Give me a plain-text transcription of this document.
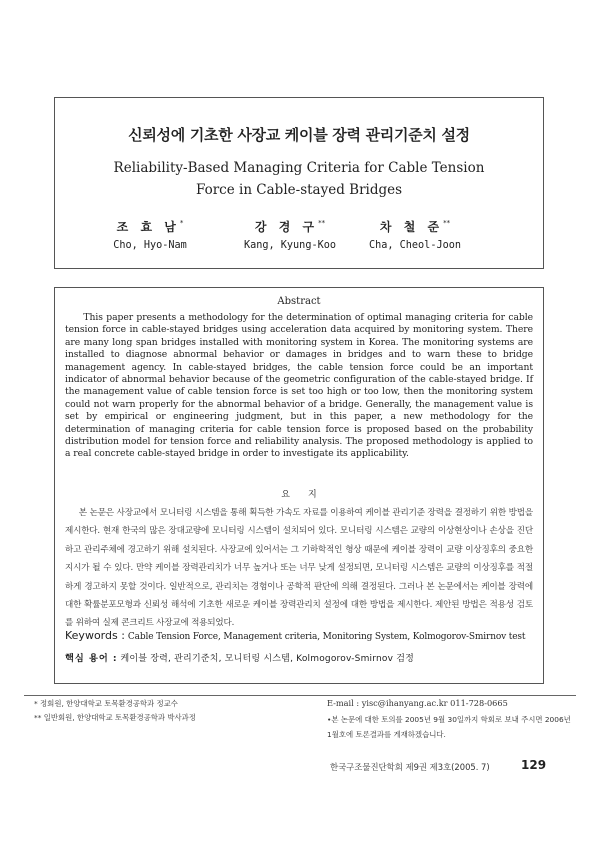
신뢰성에 기초한 사장교 케이블 장력 관리기준치 설정
Reliability-Based Managing Criteria for Cable Tension
Force in Cable-stayed Bridges
조 효 남*
Cho, Hyo-Nam
강 경 구**
Kang, Kyung-Koo
차 철 준**
Cha, Cheol-Joon
Abstract
This paper presents a methodology for the determination of optimal managing criteria for cable tension force in cable-stayed bridges using acceleration data acquired by monitoring system. There are many long span bridges installed with monitoring system in Korea. The monitoring systems are installed to diagnose abnormal behavior or damages in bridges and to warn these to bridge management agency. In cable-stayed bridges, the cable tension force could be an important indicator of abnormal behavior because of the geometric configuration of the cable-stayed bridge. If the management value of cable tension force is set too high or too low, then the monitoring system could not warn properly for the abnormal behavior of a bridge. Generally, the management value is set by empirical or engineering judgment, but in this paper, a new methodology for the determination of managing criteria for cable tension force is proposed based on the probability distribution model for tension force and reliability analysis. The proposed methodology is applied to a real concrete cable-stayed bridge in order to investigate its applicability.
요지
본 논문은 사장교에서 모니터링 시스템을 통해 획득한 가속도 자료를 이용하여 케이블 관리기준 장력을 결정하기 위한 방법을 제시한다. 현재 한국의 많은 장대교량에 모니터링 시스템이 설치되어 있다. 모니터링 시스템은 교량의 이상현상이나 손상을 진단하고 관리주체에 경고하기 위해 설치된다. 사장교에 있어서는 그 기하학적인 형상 때문에 케이블 장력이 교량 이상징후의 중요한 지시가 될 수 있다. 만약 케이블 장력관리치가 너무 높거나 또는 너무 낮게 설정되면, 모니터링 시스템은 교량의 이상징후를 적절하게 경고하지 못할 것이다. 일반적으로, 관리치는 경험이나 공학적 판단에 의해 결정된다. 그러나 본 논문에서는 케이블 장력에 대한 확률분포모형과 신뢰성 해석에 기초한 새로운 케이블 장력관리치 설정에 대한 방법을 제시한다. 제안된 방법은 적용성 검토를 위하여 실제 콘크리트 사장교에 적용되었다.
Keywords : Cable Tension Force, Management criteria, Monitoring System, Kolmogorov-Smirnov test
핵심 용어 : 케이블 장력, 관리기준치, 모니터링 시스템, Kolmogorov-Smirnov 검정
* 정회원, 한양대학교 토목환경공학과 정교수
** 일반회원, 한양대학교 토목환경공학과 박사과정
E-mail : yisc@ihanyang.ac.kr 011-728-0665
•본 논문에 대한 토의를 2005년 9월 30일까지 학회로 보내 주시면 2006년 1월호에 토론결과를 게재하겠습니다.
한국구조물진단학회 제9권 제3호(2005. 7)	129
